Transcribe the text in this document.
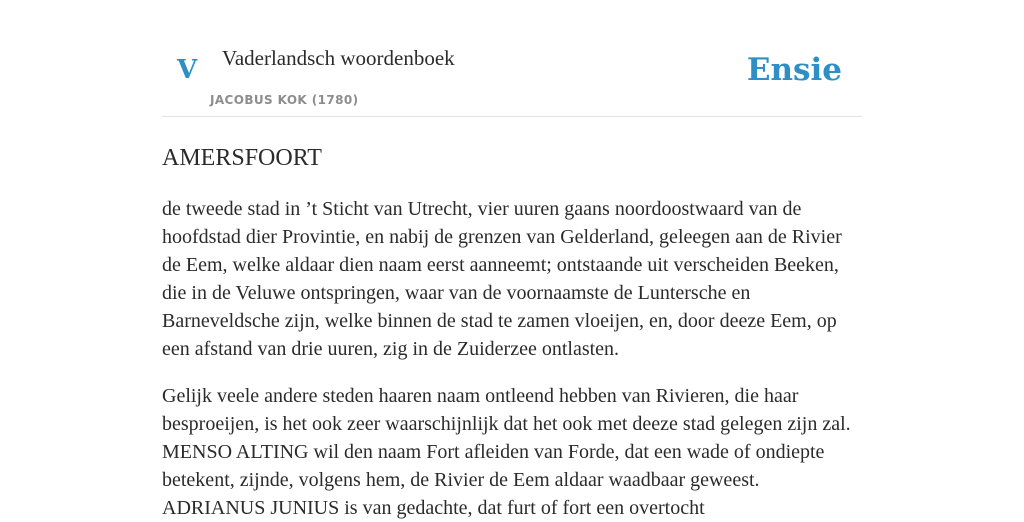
V Vaderlandsch woordenboek
JACOBUS KOK (1780)
Ensie
AMERSFOORT

de tweede stad in ’t Sticht van Utrecht, vier uuren gaans noordoostwaard van de hoofdstad dier Provintie, en nabij de grenzen van Gelderland, geleegen aan de Rivier de Eem, welke aldaar dien naam eerst aanneemt; ontstaande uit verscheiden Beeken, die in de Veluwe ontspringen, waar van de voornaamste de Luntersche en Barneveldsche zijn, welke binnen de stad te zamen vloeijen, en, door deeze Eem, op een afstand van drie uuren, zig in de Zuiderzee ontlasten.

Gelijk veele andere steden haaren naam ontleend hebben van Rivieren, die haar besproeijen, is het ook zeer waarschijnlijk dat het ook met deeze stad gelegen zijn zal. MENSO ALTING wil den naam Fort afleiden van Forde, dat een wade of ondiepte betekent, zijnde, volgens hem, de Rivier de Eem aldaar waadbaar geweest. ADRIANUS JUNIUS is van gedachte, dat furt of fort een overtocht
